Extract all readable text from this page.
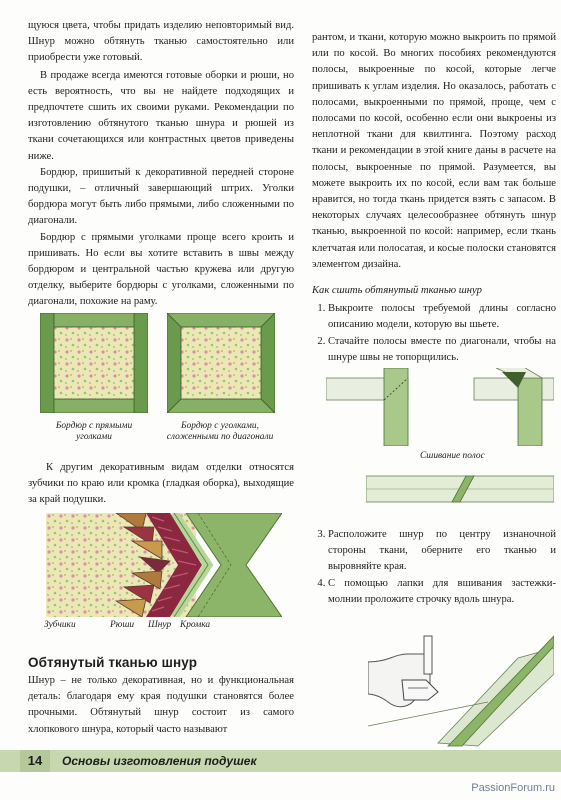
щуюся цвета, чтобы придать изделию неповторимый вид. Шнур можно обтянуть тканью самостоятельно или приобрести уже готовый.

В продаже всегда имеются готовые оборки и рюши, но есть вероятность, что вы не найдете подходящих и предпочтете сшить их своими руками. Рекомендации по изготовлению обтянутого тканью шнура и рюшей из ткани сочетающихся или контрастных цветов приведены ниже.

Бордюр, пришитый к декоративной передней стороне подушки, – отличный завершающий штрих. Уголки бордюра могут быть либо прямыми, либо сложенными по диагонали.

Бордюр с прямыми уголками проще всего кроить и пришивать. Но если вы хотите вставить в швы между бордюром и центральной частью кружева или другую отделку, выберите бордюры с уголками, сложенными по диагонали, похожие на раму.

Бордюр с прямыми уголками
Бордюр с уголками, сложенными по диагонали

К другим декоративным видам отделки относятся зубчики по краю или кромка (гладкая оборка), выходящие за край подушки.

Зубчики	Рюши Шнур Кромка
Обтянутый тканью шнур

Шнур – не только декоративная, но и функциональная деталь: благодаря ему края подушки становятся более прочными. Обтянутый шнур состоит из самого хлопкового шнура, который часто называют

рантом, и ткани, которую можно выкроить по прямой или по косой. Во многих пособиях рекомендуются полосы, выкроенные по косой, которые легче пришивать к углам изделия. Но оказалось, работать с полосами, выкроенными по прямой, проще, чем с полосами по косой, особенно если они выкроены из неплотной ткани для квилтинга. Поэтому расход ткани и рекомендации в этой книге даны в расчете на полосы, выкроенные по прямой. Разумеется, вы можете выкроить их по косой, если вам так больше нравится, но тогда ткань придется взять с запасом. В некоторых случаях целесообразнее обтянуть шнур тканью, выкроенной по косой: например, если ткань клетчатая или полосатая, и косые полоски становятся элементом дизайна.

Как сшить обтянутый тканью шнур

1. Выкроите полосы требуемой длины согласно описанию модели, которую вы шьете.
2. Стачайте полосы вместе по диагонали, чтобы на шнуре швы не топорщились.
Сшивание полос
3. Расположите шнур по центру изнаночной стороны ткани, оберните его тканью и выровняйте края.
4. С помощью лапки для вшивания застежки-молнии проложите строчку вдоль шнура.
14	Основы изготовления подушек
PassionForum.ru
